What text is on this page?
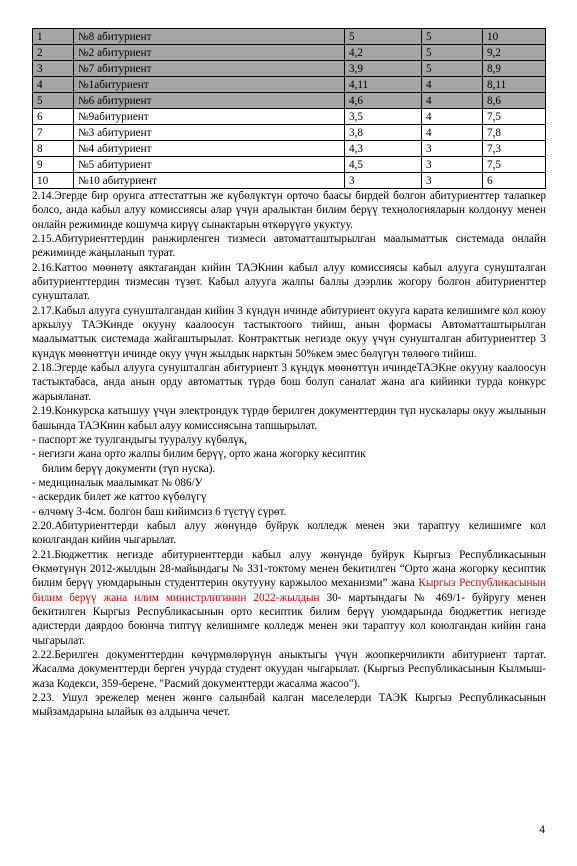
1	№8 абитуриент	5	5	10
2	№2 абитуриент	4,2	5	9,2
3	№7 абитуриент	3,9	5	8,9
4	№1абитуриент	4,11	4	8,11
5	№6 абитуриент	4,6	4	8,6
6	№9абитуриент	3,5	4	7,5
7	№3 абитуриент	3,8	4	7,8
8	№4 абитуриент	4,3	3	7,3
9	№5 абитуриент	4,5	3	7,5
10	№10 абитуриент	3	3	6

2.14.Эгерде бир орунга аттестаттын же күбөлүктүн орточо баасы бирдей болгон абитуриенттер талапкер болсо, анда кабыл алуу комиссиясы алар үчүн аралыктан билим берүү технологияларын колдонуу менен онлайн режиминде кошумча кирүү сынактарын өткөрүүгө укуктуу.

2.15.Абитуриенттердин ранжирленген тизмеси автоматташтырылган маалыматтык системада онлайн режиминде жаңыланып турат.

2.16.Каттоо мөөнөтү аяктагандан кийин ТАЭКнин кабыл алуу комиссиясы кабыл алууга сунушталган абитуриенттердин тизмесин түзөт. Кабыл алууга жалпы баллы дээрлик жогору болгон абитуриенттер сунушталат.

2.17.Кабыл алууга сунушталгандан кийин 3 күндүн ичинде абитуриент окууга карата келишимге кол коюу аркылуу ТАЭКинде окууну каалоосун тастыктоого тийиш, анын формасы Автоматташтырылган маалыматтык системада жайгаштырылат. Контракттык негизде окуу үчүн сунушталган абитуриенттер 3 күндүк мөөнөттүн ичинде окуу үчүн жылдык нарктын 50%кем эмес бөлүгүн төлөөгө тийиш.

2.18.Эгерде кабыл алууга сунушталган абитуриент 3 күндүк мөөнөттүн ичиндеТАЭКне окууну каалоосун тастыктабаса, анда анын орду автоматтык түрдө бош болуп саналат жана ага кийинки турда конкурс жарыяланат.

2.19.Конкурска катышуу үчүн электрондук түрдө берилген документтердин түп нускалары окуу жылынын башында ТАЭКнин кабыл алуу комиссиясына тапшырылат.

- паспорт же туулгандыгы тууралуу күбөлүк,

- негизги жана орто жалпы билим берүү, орто жана жогорку кесиптик

билим берүү документи (түп нуска).

- медициналык маалымкат № 086/У

- аскердик билет же каттоо күбөлүгү

- өлчөмү 3-4см. болгон баш кийимсиз 6 түстүү сүрөт.

2.20.Абитуриенттерди кабыл алуу жөнүндө буйрук колледж менен эки тараптуу келишимге кол коюлгандан кийин чыгарылат.

2.21.Бюджеттик негизде абитуриенттерди кабыл алуу жөнүндө буйрук Кыргыз Республикасынын Өкмөтүнүн 2012-жылдын 28-майындагы № 331-токтому менен бекитилген “Орто жана жогорку кесиптик билим берүү уюмдарынын студенттерин окутууну каржылоо механизми” жана Кыргыз Республикасынын билим берүү жана илим министрлигинин 2022-жылдын 30- мартындагы № 469/1- буйругу менен бекитилген Кыргыз Республикасынын орто кесиптик билим берүү уюмдарында бюджеттик негизде адистерди даярдоо боюнча типтүү келишимге колледж менен эки тараптуу кол коюлгандан кийин гана чыгарылат.

2.22.Берилген документтердин көчүрмөлөрүнүн аныктыгы үчүн жоопкерчиликти абитуриент тартат. Жасалма документтерди берген учурда студент окуудан чыгарылат. (Кыргыз Республикасынын Кылмыш-жаза Кодекси, 359-берене. "Расмий документтерди жасалма жасоо").

2.23. Ушул эрежелер менен жөнгө салынбай калган маселелерди ТАЭК Кыргыз Республикасынын мыйзамдарына ылайык өз алдынча чечет.

4
